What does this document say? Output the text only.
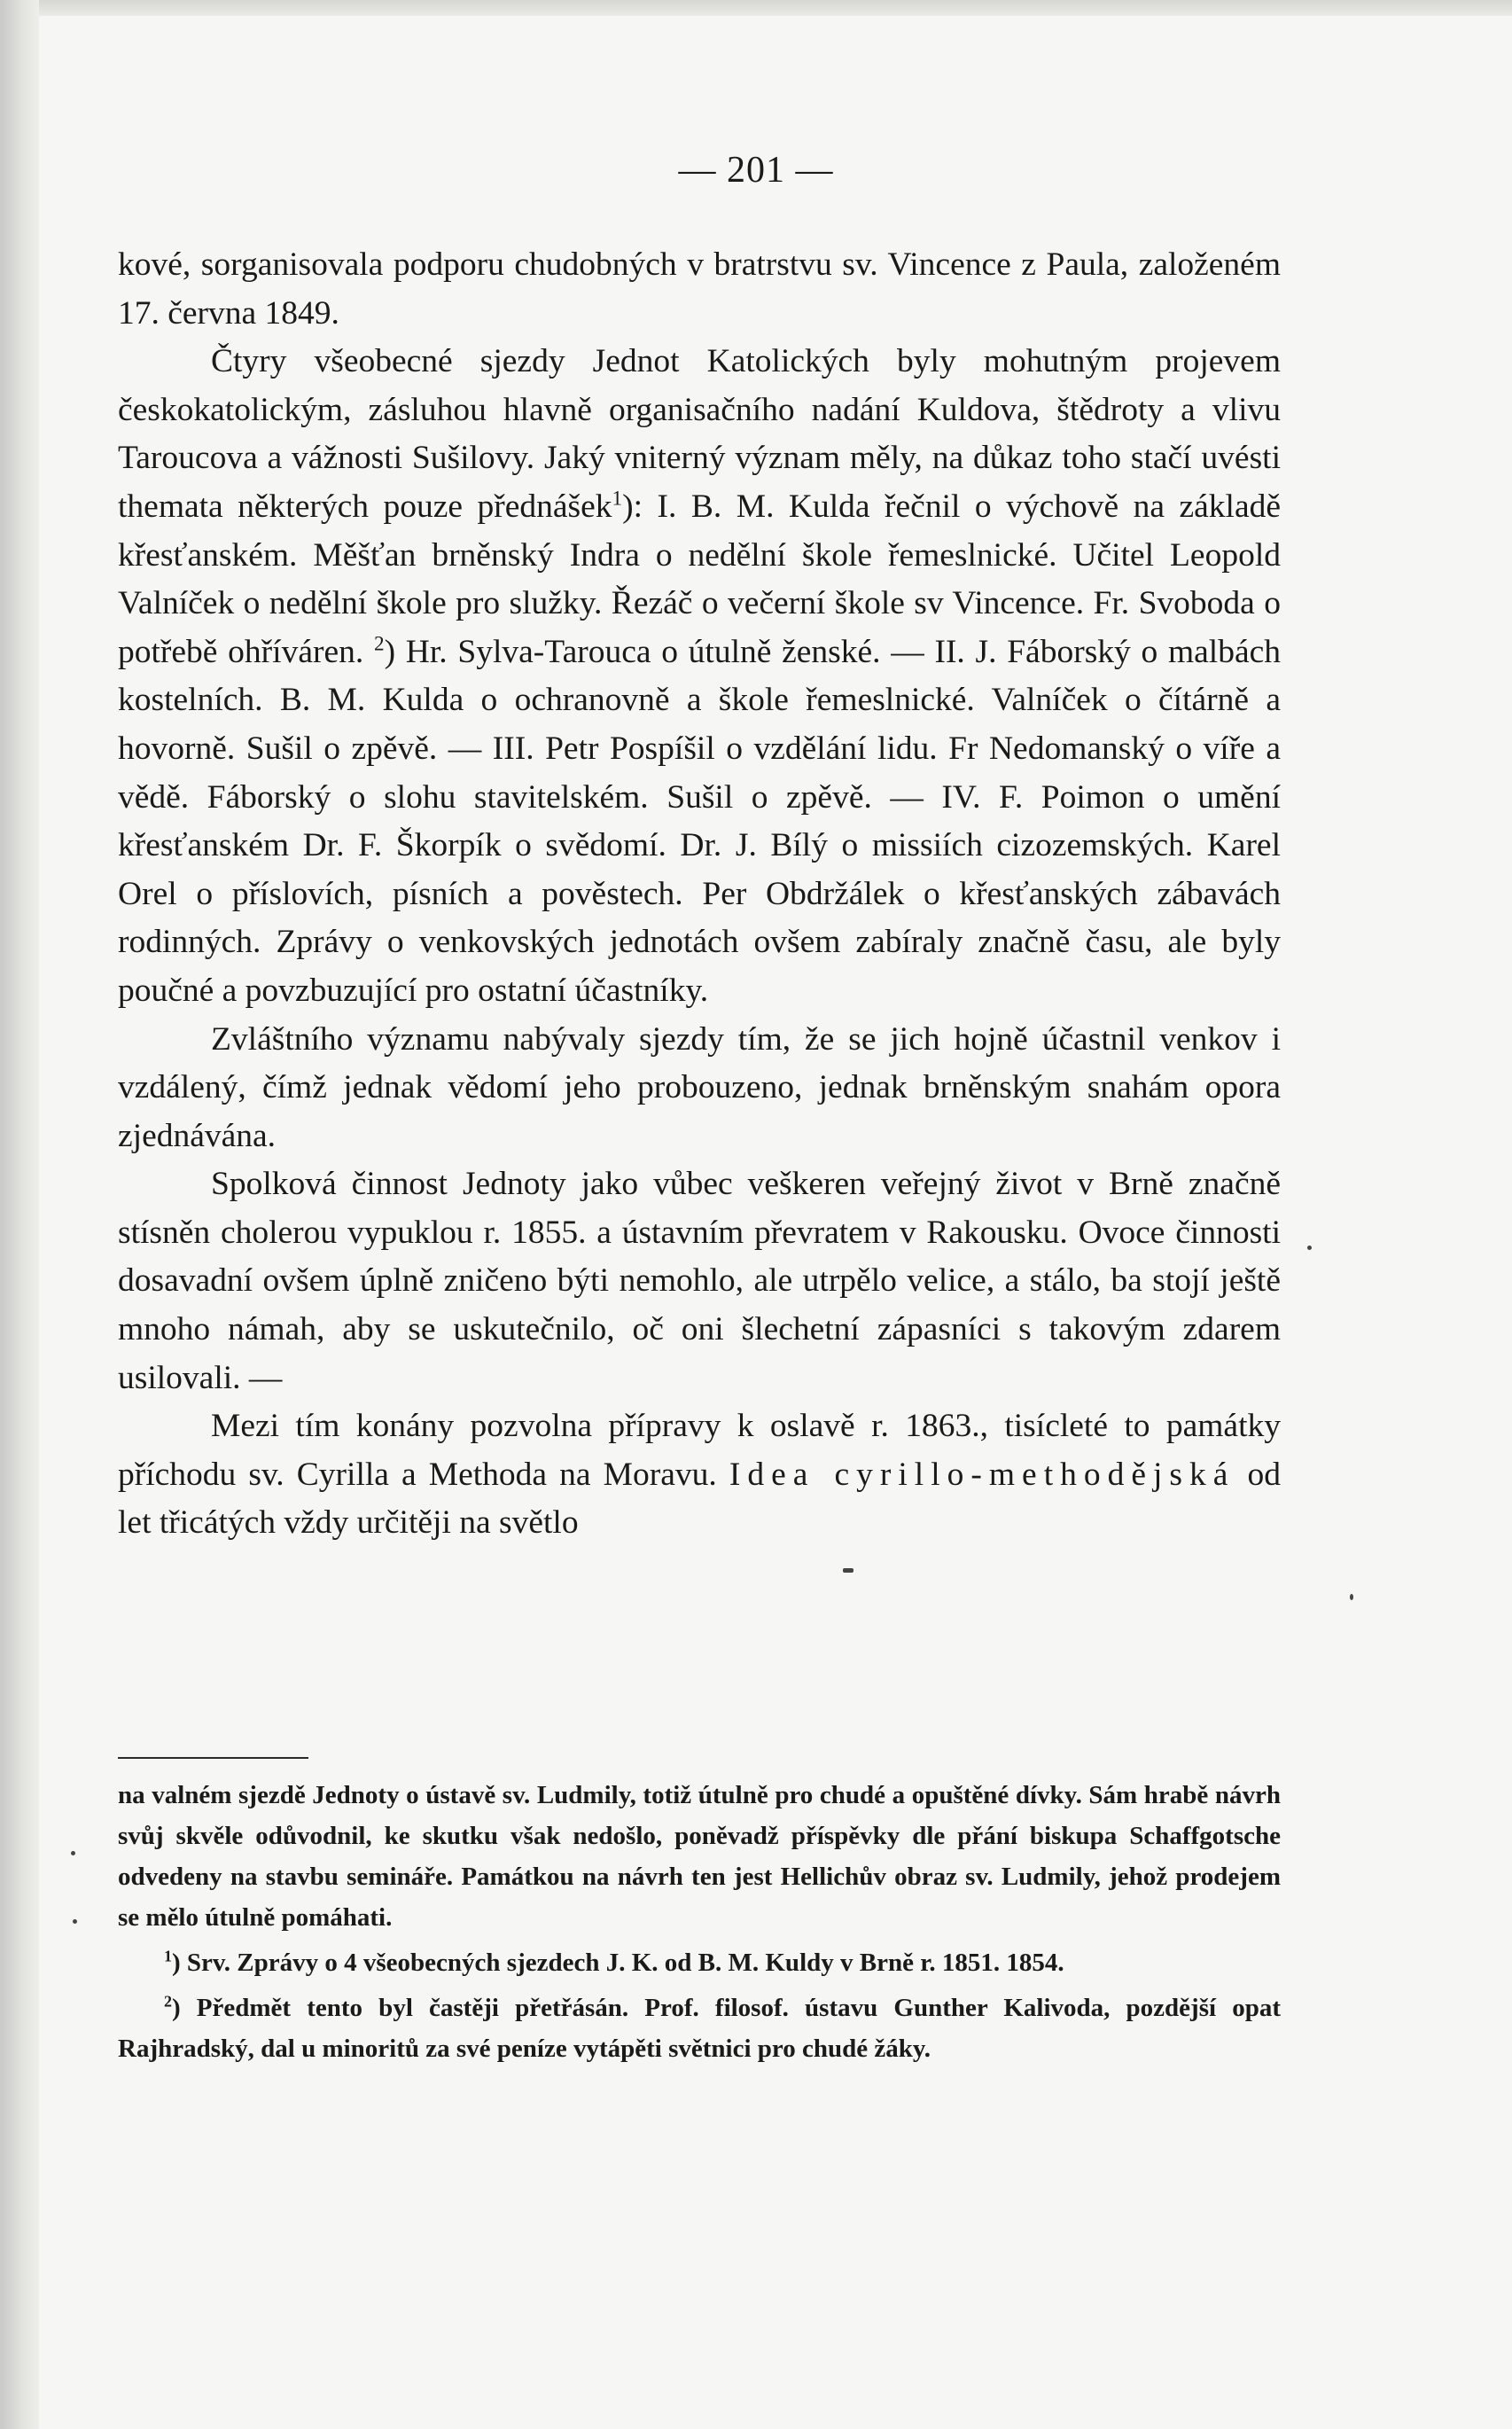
— 201 —

kové, sorganisovala podporu chudobných v bratrstvu sv. Vincence z Paula, založeném 17. června 1849.

Čtyry všeobecné sjezdy Jednot Katolických byly mohutným projevem českokatolickým, zásluhou hlavně organisačního nadání Kuldova, štědroty a vlivu Taroucova a vážnosti Sušilovy. Jaký vniterný význam měly, na důkaz toho stačí uvésti themata některých pouze přednášek$^1$): I. B. M. Kulda řečnil o výchově na základě křesťanském. Měšťan brněnský Indra o nedělní škole řemeslnické. Učitel Leopold Valníček o nedělní škole pro služky. Řezáč o večerní škole sv Vincence. Fr. Svoboda o potřebě ohříváren. $^2$) Hr. Sylva-Tarouca o útulně ženské. — II. J. Fáborský o malbách kostelních. B. M. Kulda o ochranovně a škole řemeslnické. Valníček o čítárně a hovorně. Sušil o zpěvě. — III. Petr Pospíšil o vzdělání lidu. Fr Nedomanský o víře a vědě. Fáborský o slohu stavitelském. Sušil o zpěvě. — IV. F. Poimon o umění křesťanském Dr. F. Škorpík o svědomí. Dr. J. Bílý o missiích cizozemských. Karel Orel o příslovích, písních a pověstech. Per Obdržálek o křesťanských zábavách rodinných. Zprávy o venkovských jednotách ovšem zabíraly značně času, ale byly poučné a povzbuzující pro ostatní účastníky.

Zvláštního významu nabývaly sjezdy tím, že se jich hojně účastnil venkov i vzdálený, čímž jednak vědomí jeho probouzeno, jednak brněnským snahám opora zjednávána.

Spolková činnost Jednoty jako vůbec veškeren veřejný život v Brně značně stísněn cholerou vypuklou r. 1855. a ústavním převratem v Rakousku. Ovoce činnosti dosavadní ovšem úplně zničeno býti nemohlo, ale utrpělo velice, a stálo, ba stojí ještě mnoho námah, aby se uskutečnilo, oč oni šlechetní zápasníci s takovým zdarem usilovali. —

Mezi tím konány pozvolna přípravy k oslavě r. 1863., tisícleté to památky příchodu sv. Cyrilla a Methoda na Moravu. Idea cyrillo-methodějská od let třicátých vždy určitěji na světlo

na valném sjezdě Jednoty o ústavě sv. Ludmily, totiž útulně pro chudé a opuštěné dívky. Sám hrabě návrh svůj skvěle odůvodnil, ke skutku však nedošlo, poněvadž příspěvky dle přání biskupa Schaffgotsche odvedeny na stavbu semináře. Památkou na návrh ten jest Hellichův obraz sv. Ludmily, jehož prodejem se mělo útulně pomáhati.

$^1$) Srv. Zprávy o 4 všeobecných sjezdech J. K. od B. M. Kuldy v Brně r. 1851. 1854.

$^2$) Předmět tento byl častěji přetřásán. Prof. filosof. ústavu Gunther Kalivoda, pozdější opat Rajhradský, dal u minoritů za své peníze vytápěti světnici pro chudé žáky.
